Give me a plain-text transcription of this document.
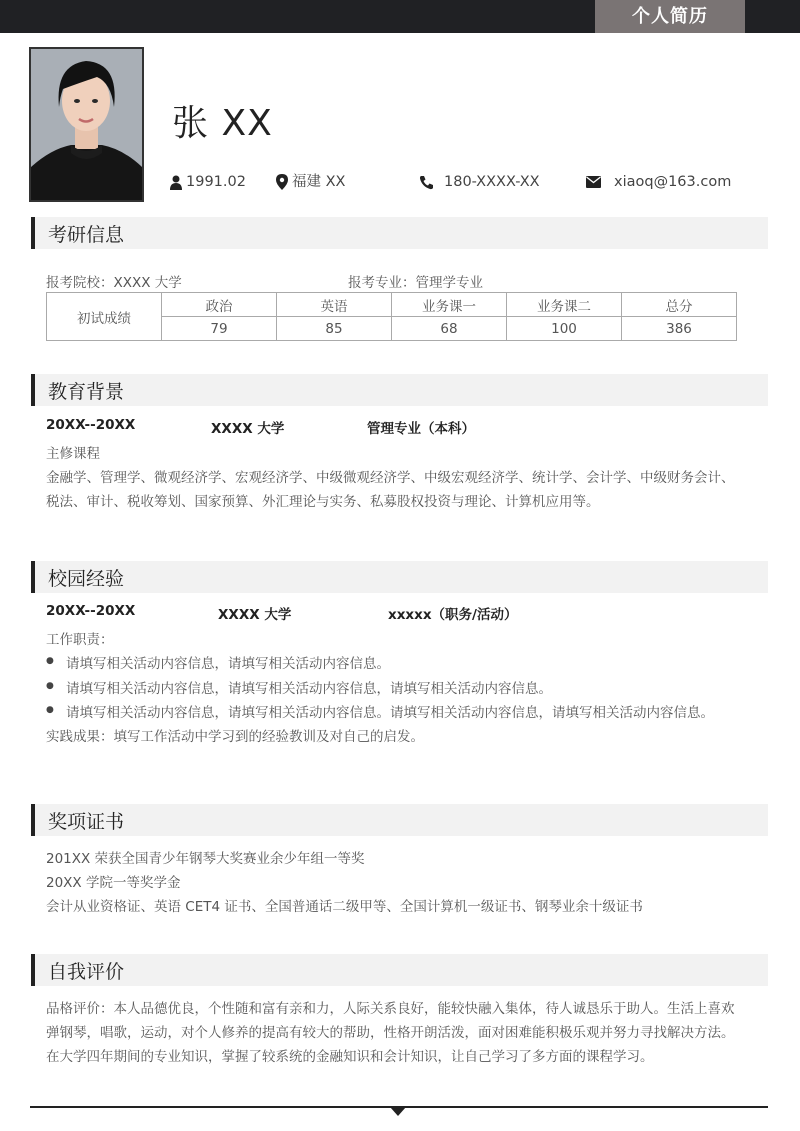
个人简历
张 XX
1991.02	福建 XX	180-XXXX-XX	xiaoq@163.com
考研信息
报考院校：XXXX 大学	报考专业：管理学专业
初试成绩	政治	英语	业务课一	业务课二	总分
	79	85	68	100	386
教育背景
20XX--20XX	XXXX 大学	管理专业（本科）
主修课程
金融学、管理学、微观经济学、宏观经济学、中级微观经济学、中级宏观经济学、统计学、会计学、中级财务会计、
税法、审计、税收筹划、国家预算、外汇理论与实务、私募股权投资与理论、计算机应用等。
校园经验
20XX--20XX	XXXX 大学	xxxxx（职务/活动）
工作职责：
● 请填写相关活动内容信息，请填写相关活动内容信息。
● 请填写相关活动内容信息，请填写相关活动内容信息，请填写相关活动内容信息。
● 请填写相关活动内容信息，请填写相关活动内容信息。请填写相关活动内容信息，请填写相关活动内容信息。
实践成果：填写工作活动中学习到的经验教训及对自己的启发。
奖项证书
201XX 荣获全国青少年钢琴大奖赛业余少年组一等奖
20XX 学院一等奖学金
会计从业资格证、英语 CET4 证书、全国普通话二级甲等、全国计算机一级证书、钢琴业余十级证书
自我评价
品格评价：本人品德优良，个性随和富有亲和力，人际关系良好，能较快融入集体，待人诚恳乐于助人。生活上喜欢
弹钢琴，唱歌，运动，对个人修养的提高有较大的帮助，性格开朗活泼，面对困难能积极乐观并努力寻找解决方法。
在大学四年期间的专业知识，掌握了较系统的金融知识和会计知识，让自己学习了多方面的课程学习。
